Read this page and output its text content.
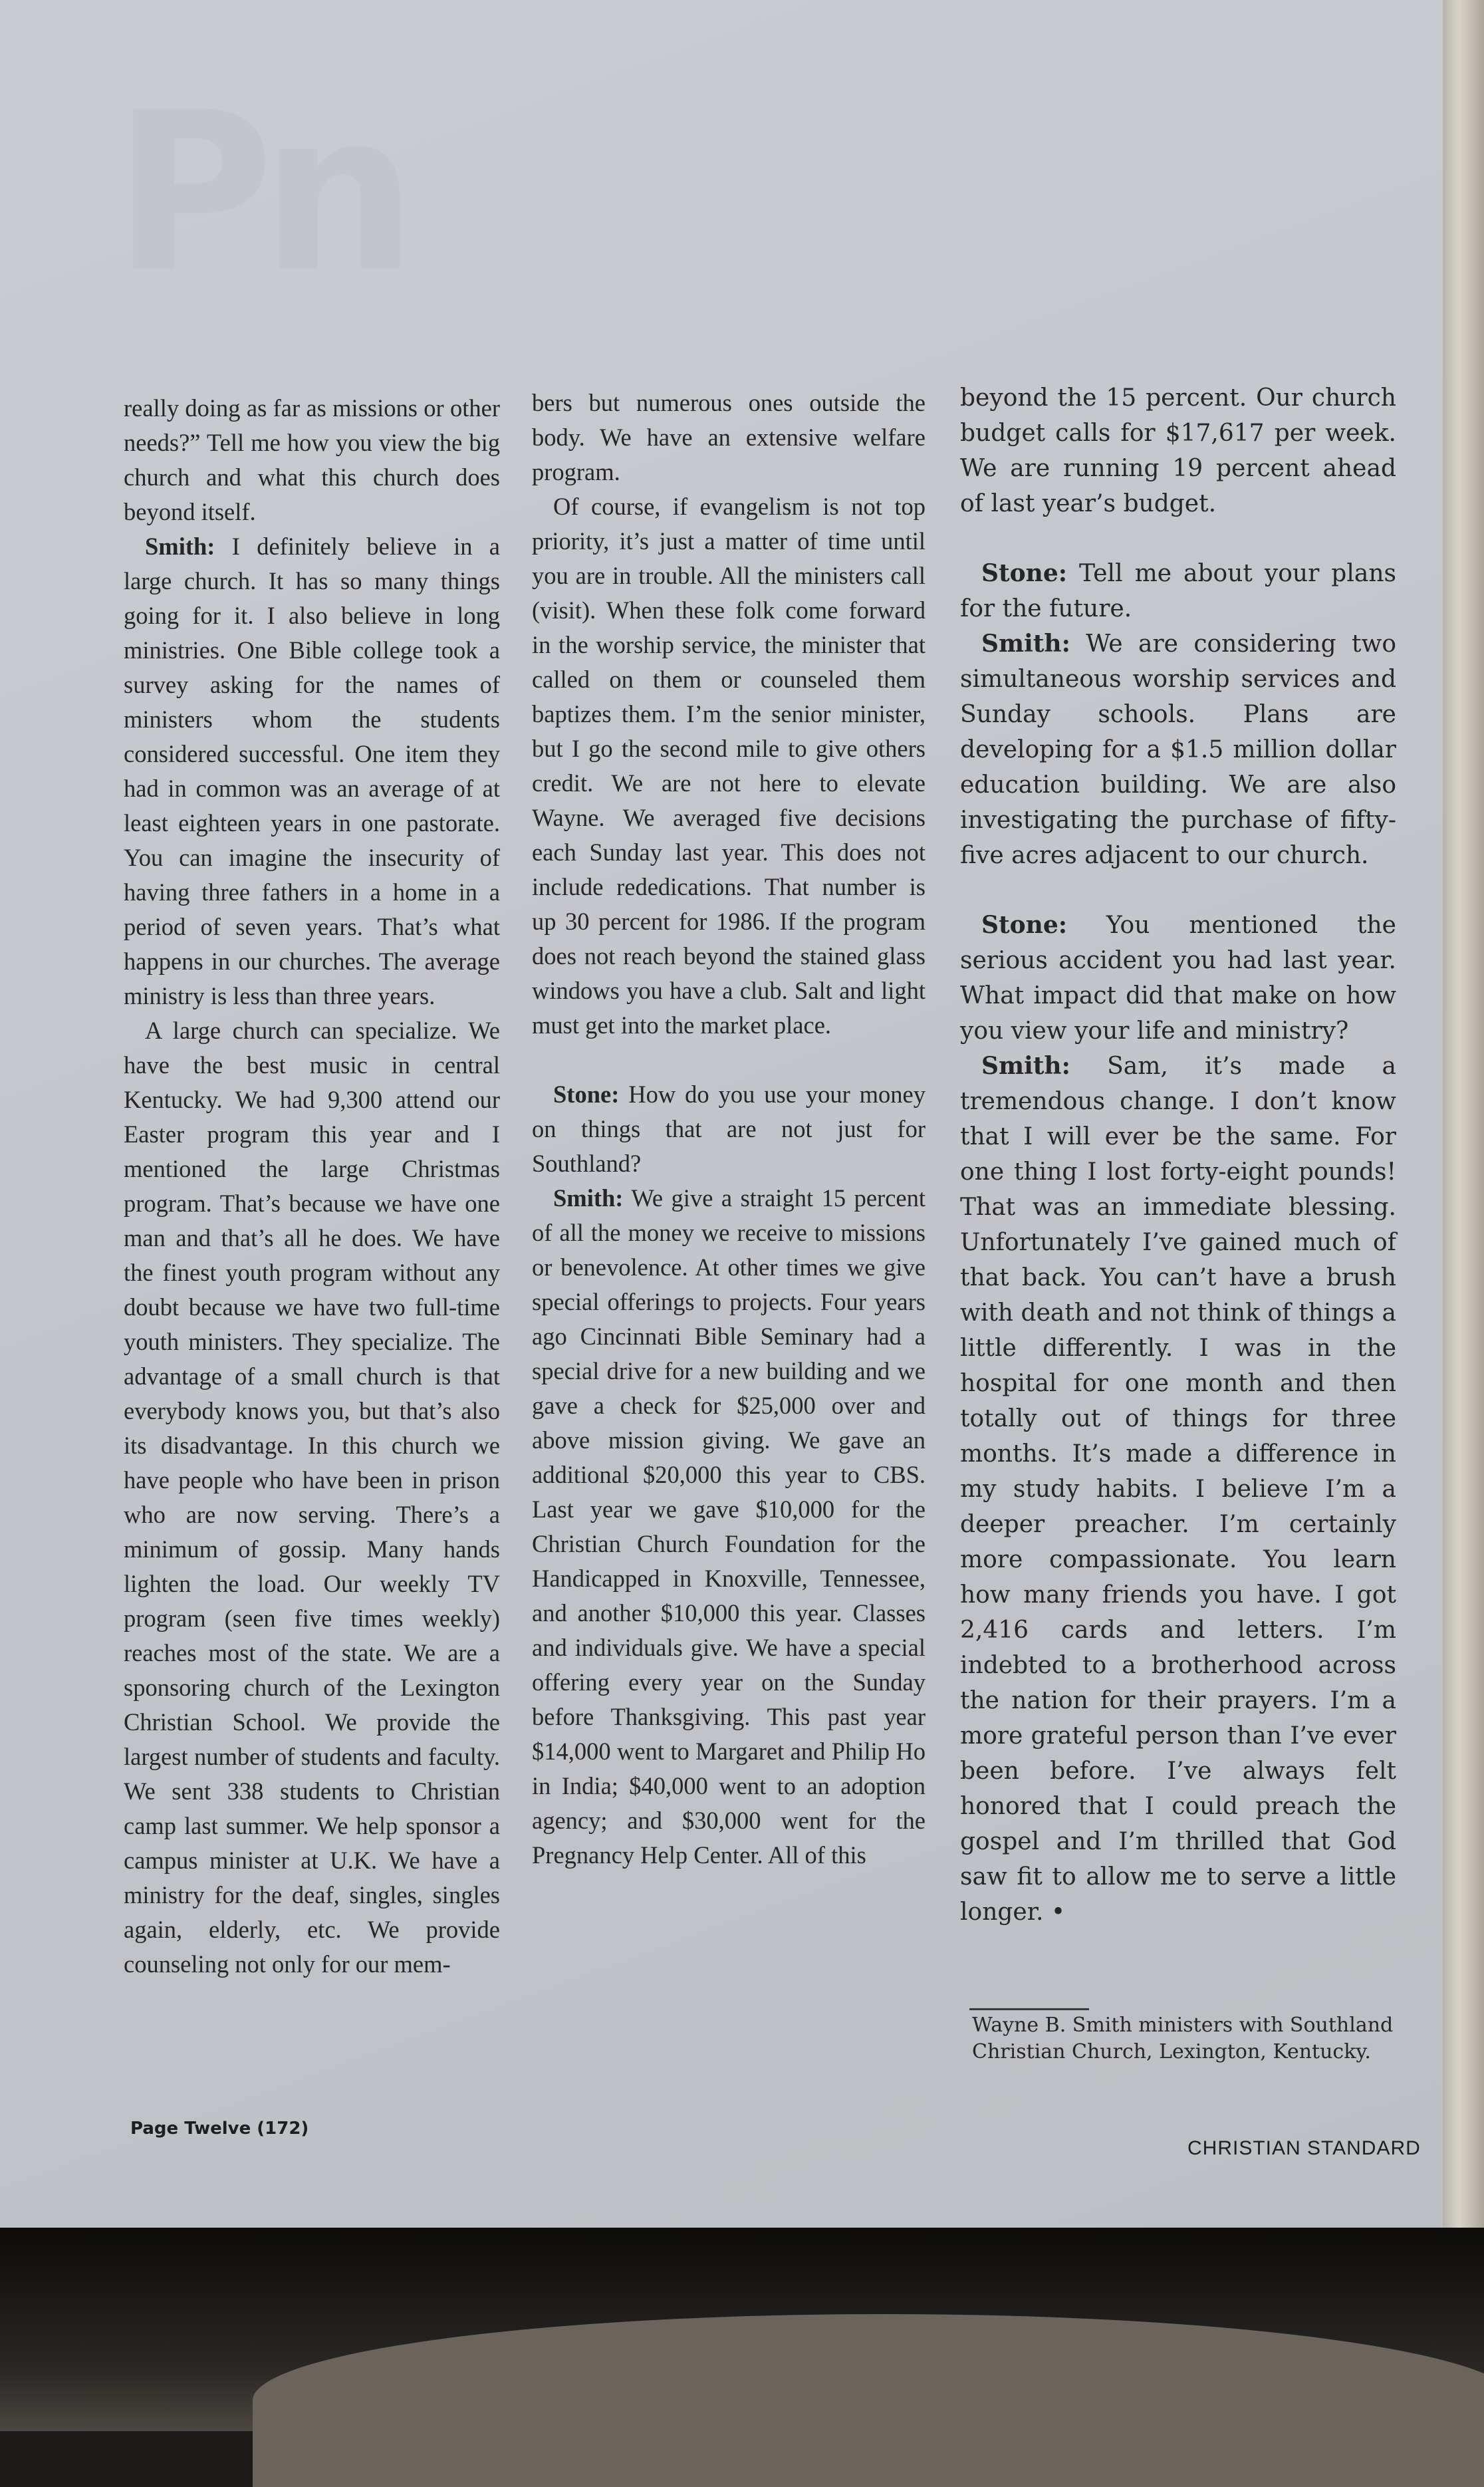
Pn

really doing as far as missions or other needs?” Tell me how you view the big church and what this church does beyond itself.

Smith: I definitely believe in a large church. It has so many things going for it. I also believe in long ministries. One Bible college took a survey asking for the names of ministers whom the students considered successful. One item they had in common was an average of at least eighteen years in one pastorate. You can imagine the insecurity of having three fathers in a home in a period of seven years. That’s what happens in our churches. The average ministry is less than three years.

A large church can specialize. We have the best music in central Kentucky. We had 9,300 attend our Easter program this year and I mentioned the large Christmas program. That’s because we have one man and that’s all he does. We have the finest youth program without any doubt because we have two full-time youth ministers. They specialize. The advantage of a small church is that everybody knows you, but that’s also its disadvantage. In this church we have people who have been in prison who are now serving. There’s a minimum of gossip. Many hands lighten the load. Our weekly TV program (seen five times weekly) reaches most of the state. We are a sponsoring church of the Lexington Christian School. We provide the largest number of students and faculty. We sent 338 students to Christian camp last summer. We help sponsor a campus minister at U.K. We have a ministry for the deaf, singles, singles again, elderly, etc. We provide counseling not only for our mem-

bers but numerous ones outside the body. We have an extensive welfare program.

Of course, if evangelism is not top priority, it’s just a matter of time until you are in trouble. All the ministers call (visit). When these folk come forward in the worship service, the minister that called on them or counseled them baptizes them. I’m the senior minister, but I go the second mile to give others credit. We are not here to elevate Wayne. We averaged five decisions each Sunday last year. This does not include rededications. That number is up 30 percent for 1986. If the program does not reach beyond the stained glass windows you have a club. Salt and light must get into the market place.

Stone: How do you use your money on things that are not just for Southland?

Smith: We give a straight 15 percent of all the money we receive to missions or benevolence. At other times we give special offerings to projects. Four years ago Cincinnati Bible Seminary had a special drive for a new building and we gave a check for $25,000 over and above mission giving. We gave an additional $20,000 this year to CBS. Last year we gave $10,000 for the Christian Church Foundation for the Handicapped in Knoxville, Tennessee, and another $10,000 this year. Classes and individuals give. We have a special offering every year on the Sunday before Thanksgiving. This past year $14,000 went to Margaret and Philip Ho in India; $40,000 went to an adoption agency; and $30,000 went for the Pregnancy Help Center. All of this

beyond the 15 percent. Our church budget calls for $17,617 per week. We are running 19 percent ahead of last year’s budget.

Stone: Tell me about your plans for the future.

Smith: We are considering two simultaneous worship services and Sunday schools. Plans are developing for a $1.5 million dollar education building. We are also investigating the purchase of fifty-five acres adjacent to our church.

Stone: You mentioned the serious accident you had last year. What impact did that make on how you view your life and ministry?

Smith: Sam, it’s made a tremendous change. I don’t know that I will ever be the same. For one thing I lost forty-eight pounds! That was an immediate blessing. Unfortunately I’ve gained much of that back. You can’t have a brush with death and not think of things a little differently. I was in the hospital for one month and then totally out of things for three months. It’s made a difference in my study habits. I believe I’m a deeper preacher. I’m certainly more compassionate. You learn how many friends you have. I got 2,416 cards and letters. I’m indebted to a brotherhood across the nation for their prayers. I’m a more grateful person than I’ve ever been before. I’ve always felt honored that I could preach the gospel and I’m thrilled that God saw fit to allow me to serve a little longer. •

Wayne B. Smith ministers with Southland Christian Church, Lexington, Kentucky.
Page Twelve (172)
CHRISTIAN STANDARD
